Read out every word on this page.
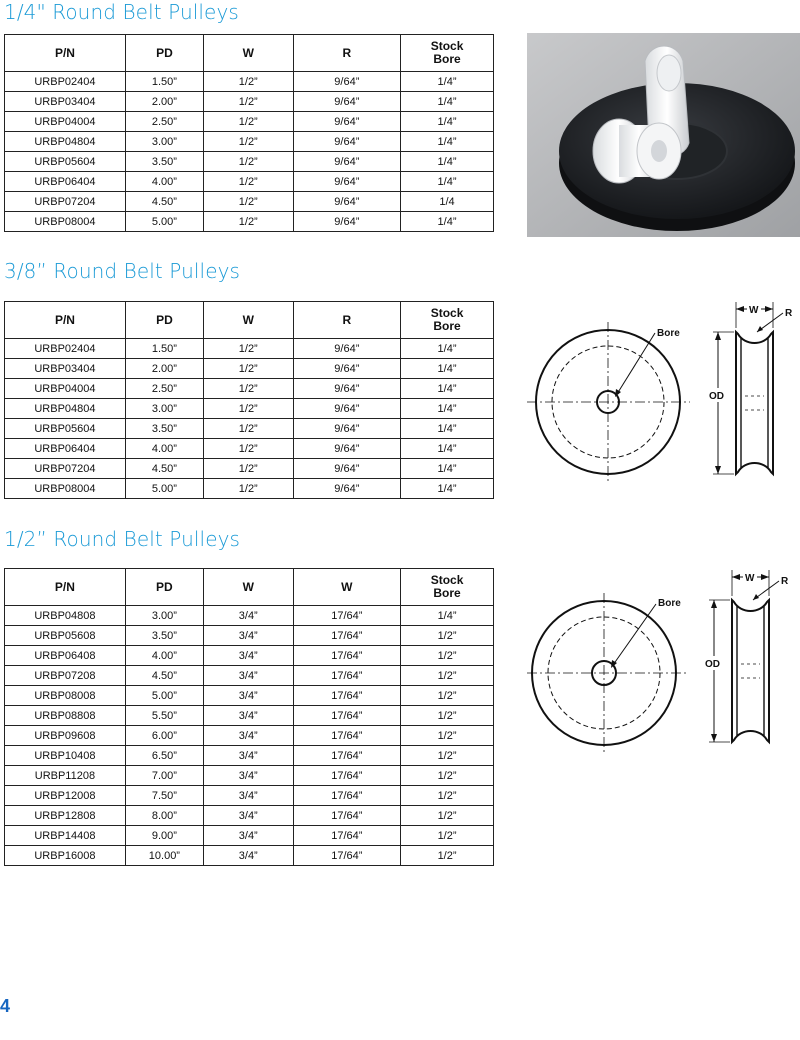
1/4" Round Belt Pulleys
P/N	PD	W	R	Stock
Bore
URBP02404	1.50”	1/2”	9/64”	1/4”
URBP03404	2.00”	1/2”	9/64”	1/4”
URBP04004	2.50”	1/2”	9/64”	1/4”
URBP04804	3.00”	1/2”	9/64”	1/4”
URBP05604	3.50”	1/2”	9/64”	1/4”
URBP06404	4.00”	1/2”	9/64”	1/4”
URBP07204	4.50”	1/2”	9/64”	1/4
URBP08004	5.00”	1/2”	9/64”	1/4”
3/8” Round Belt Pulleys
P/N	PD	W	R	Stock
Bore
URBP02404	1.50”	1/2”	9/64”	1/4”
URBP03404	2.00”	1/2”	9/64”	1/4”
URBP04004	2.50”	1/2”	9/64”	1/4”
URBP04804	3.00”	1/2”	9/64”	1/4”
URBP05604	3.50”	1/2”	9/64”	1/4”
URBP06404	4.00”	1/2”	9/64”	1/4”
URBP07204	4.50”	1/2”	9/64”	1/4”
URBP08004	5.00”	1/2”	9/64”	1/4”
Bore
OD
W	R
1/2” Round Belt Pulleys
P/N	PD	W	W	Stock
Bore
URBP04808	3.00”	3/4”	17/64”	1/4”
URBP05608	3.50”	3/4”	17/64”	1/2”
URBP06408	4.00”	3/4”	17/64”	1/2”
URBP07208	4.50”	3/4”	17/64”	1/2”
URBP08008	5.00”	3/4”	17/64”	1/2”
URBP08808	5.50”	3/4”	17/64”	1/2”
URBP09608	6.00”	3/4”	17/64”	1/2”
URBP10408	6.50”	3/4”	17/64”	1/2”
URBP11208	7.00”	3/4”	17/64”	1/2”
URBP12008	7.50”	3/4”	17/64”	1/2”
URBP12808	8.00”	3/4”	17/64”	1/2”
URBP14408	9.00”	3/4”	17/64”	1/2”
URBP16008	10.00”	3/4”	17/64”	1/2”
Bore
OD
W	R
4
